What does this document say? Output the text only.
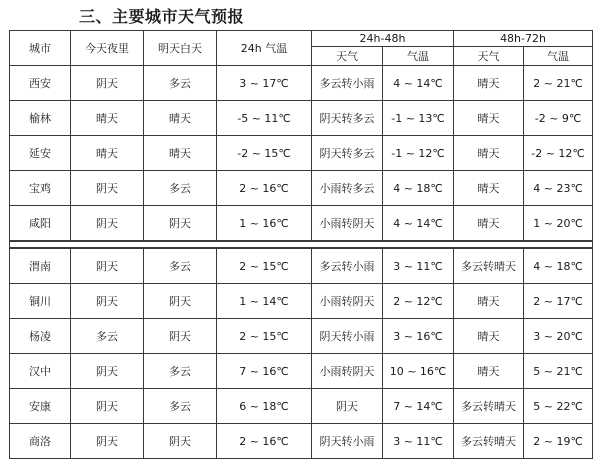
三、主要城市天气预报
城市	今天夜里	明天白天	24h 气温	24h-48h		48h-72h	
				天气	气温	天气	气温
西安	阴天	多云	3 ~ 17℃	多云转小雨	4 ~ 14℃	晴天	2 ~ 21℃
榆林	晴天	晴天	-5 ~ 11℃	阴天转多云	-1 ~ 13℃	晴天	-2 ~ 9℃
延安	晴天	晴天	-2 ~ 15℃	阴天转多云	-1 ~ 12℃	晴天	-2 ~ 12℃
宝鸡	阴天	多云	2 ~ 16℃	小雨转多云	4 ~ 18℃	晴天	4 ~ 23℃
咸阳	阴天	阴天	1 ~ 16℃	小雨转阴天	4 ~ 14℃	晴天	1 ~ 20℃

渭南	阴天	多云	2 ~ 15℃	多云转小雨	3 ~ 11℃	多云转晴天	4 ~ 18℃
铜川	阴天	阴天	1 ~ 14℃	小雨转阴天	2 ~ 12℃	晴天	2 ~ 17℃
杨凌	多云	阴天	2 ~ 15℃	阴天转小雨	3 ~ 16℃	晴天	3 ~ 20℃
汉中	阴天	多云	7 ~ 16℃	小雨转阴天	10 ~ 16℃	晴天	5 ~ 21℃
安康	阴天	多云	6 ~ 18℃	阴天	7 ~ 14℃	多云转晴天	5 ~ 22℃
商洛	阴天	阴天	2 ~ 16℃	阴天转小雨	3 ~ 11℃	多云转晴天	2 ~ 19℃
